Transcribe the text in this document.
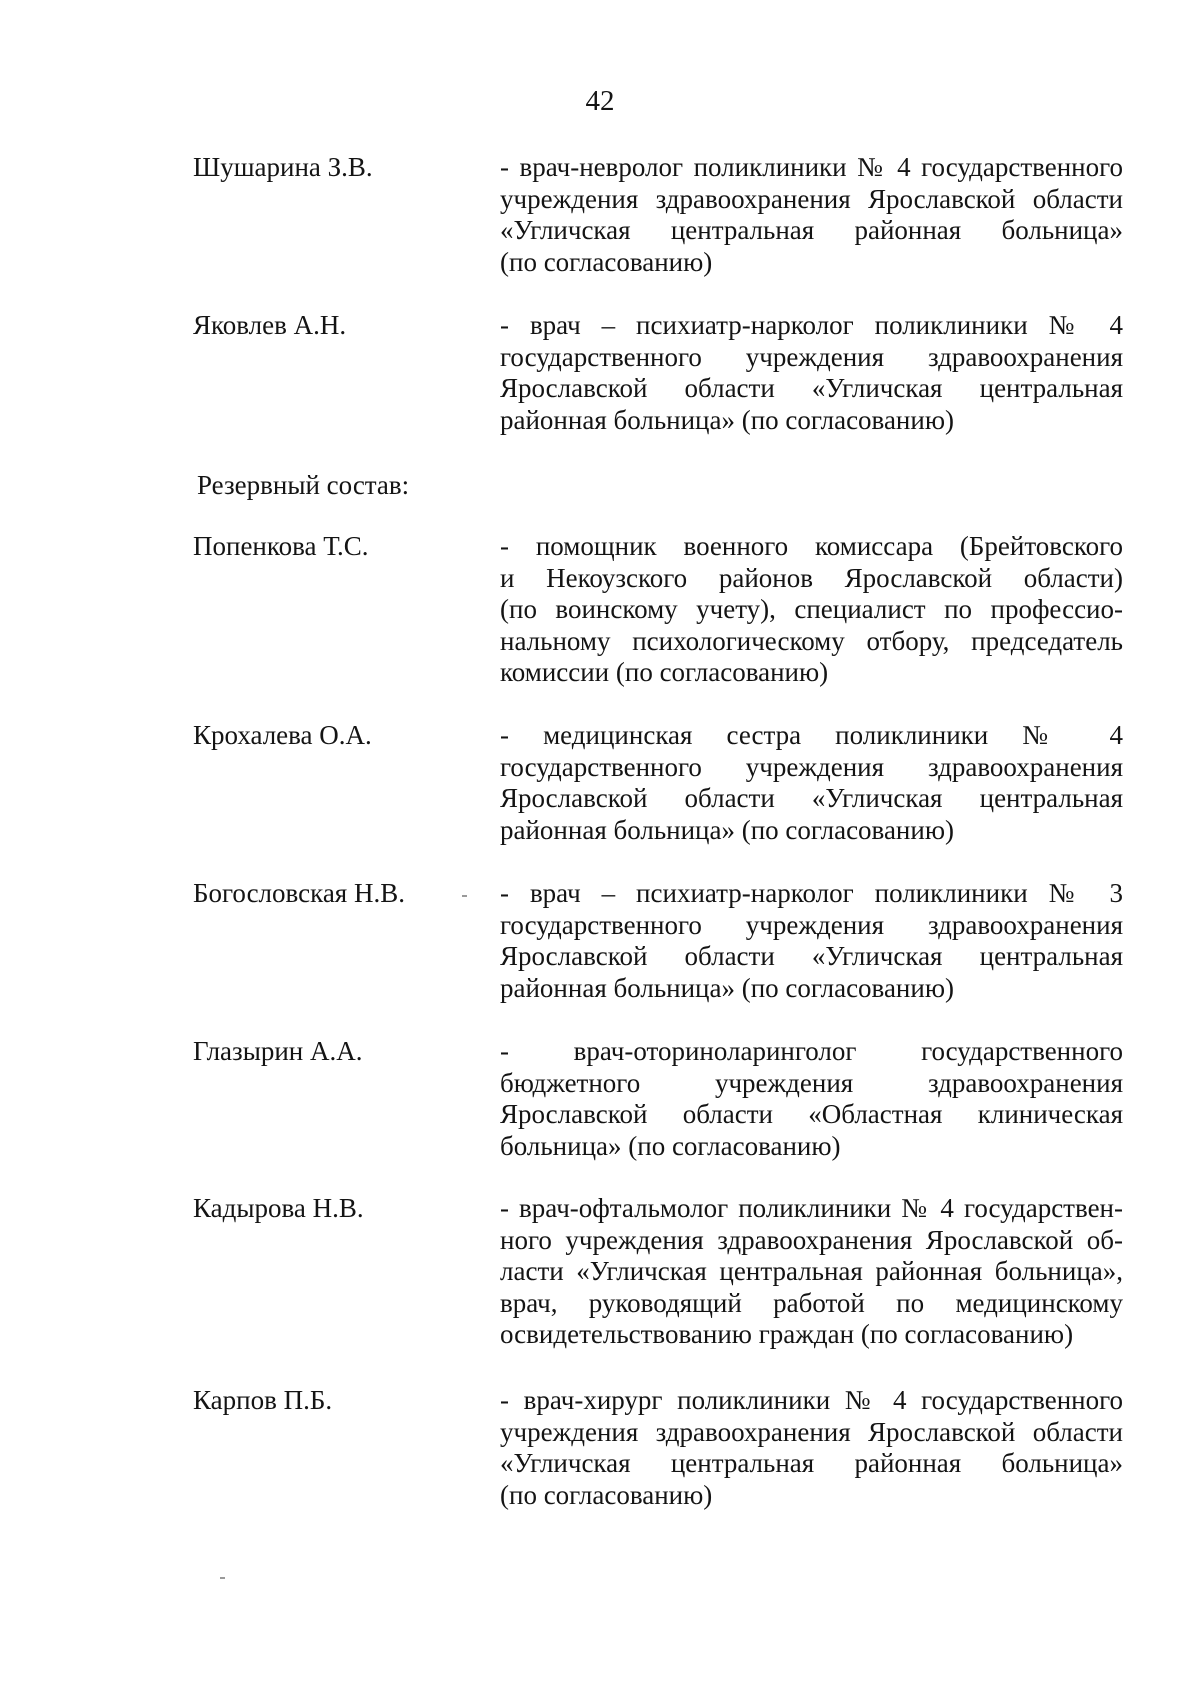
42
Шушарина З.В.	- врач-невролог поликлиники № 4 государственного
учреждения здравоохранения Ярославской области
«Угличская центральная районная больница»
(по согласованию)
Яковлев А.Н.	- врач – психиатр-нарколог поликлиники № 4
государственного учреждения здравоохранения
Ярославской области «Угличская центральная
районная больница» (по согласованию)
Резервный состав:
Попенкова Т.С.	- помощник военного комиссара (Брейтовского
и Некоузского районов Ярославской области)
(по воинскому учету), специалист по профессио-
нальному психологическому отбору, председатель
комиссии (по согласованию)
Крохалева О.А.	- медицинская сестра поликлиники № 4
государственного учреждения здравоохранения
Ярославской области «Угличская центральная
районная больница» (по согласованию)
Богословская Н.В.	- врач – психиатр-нарколог поликлиники № 3
государственного учреждения здравоохранения
Ярославской области «Угличская центральная
районная больница» (по согласованию)
Глазырин А.А.	- врач-оториноларинголог государственного
бюджетного учреждения здравоохранения
Ярославской области «Областная клиническая
больница» (по согласованию)
Кадырова Н.В.	- врач-офтальмолог поликлиники № 4 государствен-
ного учреждения здравоохранения Ярославской об-
ласти «Угличская центральная районная больница»,
врач, руководящий работой по медицинскому
освидетельствованию граждан (по согласованию)
Карпов П.Б.	- врач-хирург поликлиники № 4 государственного
учреждения здравоохранения Ярославской области
«Угличская центральная районная больница»
(по согласованию)
